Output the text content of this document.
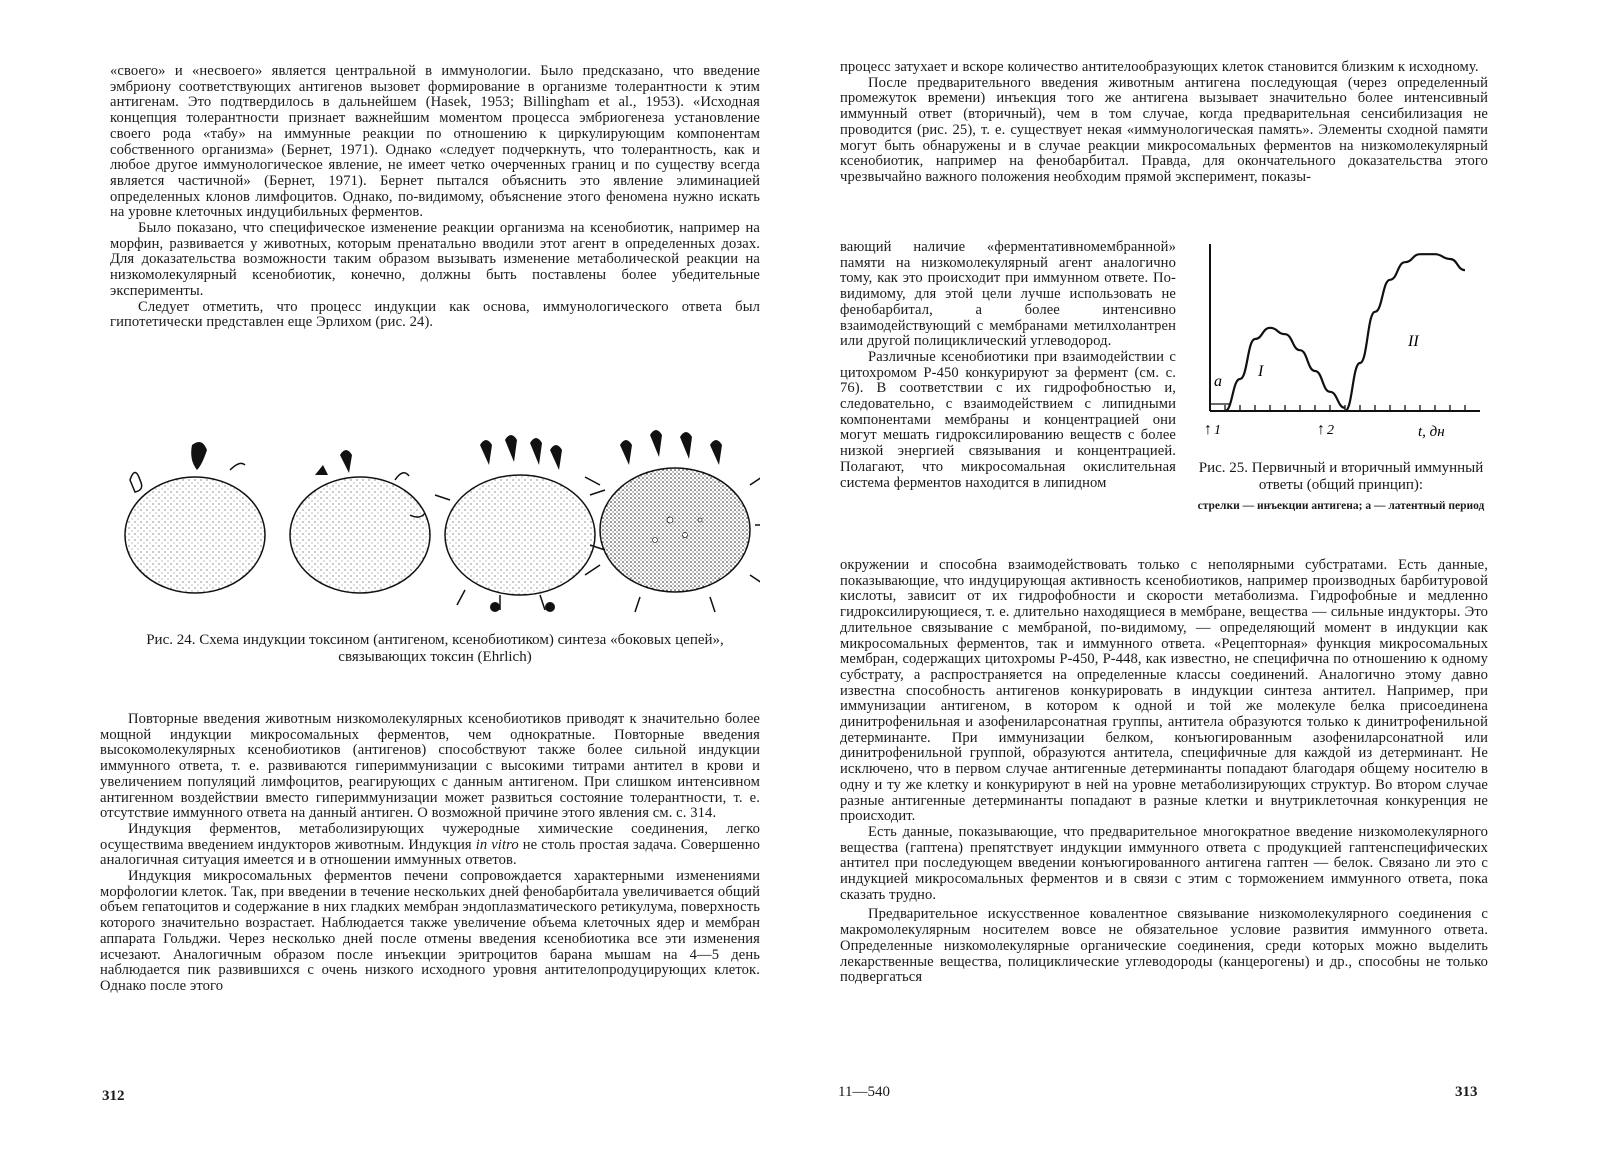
«своего» и «несвоего» является центральной в иммунологии. Было предсказано, что введение эмбриону соответствующих антигенов вызовет формирование в организме толерантности к этим антигенам. Это подтвердилось в дальнейшем (Hasek, 1953; Billingham et al., 1953). «Исходная концепция толерантности признает важнейшим моментом процесса эмбриогенеза установление своего рода «табу» на иммунные реакции по отношению к циркулирующим компонентам собственного организма» (Бернет, 1971). Однако «следует подчеркнуть, что толерантность, как и любое другое иммунологическое явление, не имеет четко очерченных границ и по существу всегда является частичной» (Бернет, 1971). Бернет пытался объяснить это явление элиминацией определенных клонов лимфоцитов. Однако, по-видимому, объяснение этого феномена нужно искать на уровне клеточных индуцибильных ферментов.

Было показано, что специфическое изменение реакции организма на ксенобиотик, например на морфин, развивается у животных, которым пренатально вводили этот агент в определенных дозах. Для доказательства возможности таким образом вызывать изменение метаболической реакции на низкомолекулярный ксенобиотик, конечно, должны быть поставлены более убедительные эксперименты.

Следует отметить, что процесс индукции как основа, иммунологического ответа был гипотетически представлен еще Эрлихом (рис. 24).

Рис. 24. Схема индукции токсином (антигеном, ксенобиотиком) синтеза «боковых цепей», связывающих токсин (Ehrlich)

Повторные введения животным низкомолекулярных ксенобиотиков приводят к значительно более мощной индукции микросомальных ферментов, чем однократные. Повторные введения высокомолекулярных ксенобиотиков (антигенов) способствуют также более сильной индукции иммунного ответа, т. е. развиваются гипериммунизации с высокими титрами антител в крови и увеличением популяций лимфоцитов, реагирующих с данным антигеном. При слишком интенсивном антигенном воздействии вместо гипериммунизации может развиться состояние толерантности, т. е. отсутствие иммунного ответа на данный антиген. О возможной причине этого явления см. с. 314.

Индукция ферментов, метаболизирующих чужеродные химические соединения, легко осуществима введением индукторов животным. Индукция in vitro не столь простая задача. Совершенно аналогичная ситуация имеется и в отношении иммунных ответов.

Индукция микросомальных ферментов печени сопровождается характерными изменениями морфологии клеток. Так, при введении в течение нескольких дней фенобарбитала увеличивается общий объем гепатоцитов и содержание в них гладких мембран эндоплазматического ретикулума, поверхность которого значительно возрастает. Наблюдается также увеличение объема клеточных ядер и мембран аппарата Гольджи. Через несколько дней после отмены введения ксенобиотика все эти изменения исчезают. Аналогичным образом после инъекции эритроцитов барана мышам на 4—5 день наблюдается пик развившихся с очень низкого исходного уровня антителопродуцирующих клеток. Однако после этого

312

процесс затухает и вскоре количество антителообразующих клеток становится близким к исходному.

После предварительного введения животным антигена последующая (через определенный промежуток времени) инъекция того же антигена вызывает значительно более интенсивный иммунный ответ (вторичный), чем в том случае, когда предварительная сенсибилизация не проводится (рис. 25), т. е. существует некая «иммунологическая память». Элементы сходной памяти могут быть обнаружены и в случае реакции микросомальных ферментов на низкомолекулярный ксенобиотик, например на фенобарбитал. Правда, для окончательного доказательства этого чрезвычайно важного положения необходим прямой эксперимент, показы-

вающий наличие «ферментативномембранной» памяти на низкомолекулярный агент аналогично тому, как это происходит при иммунном ответе. По-видимому, для этой цели лучше использовать не фенобарбитал, а более интенсивно взаимодействующий с мембранами метилхолантрен или другой полициклический углеводород.

Различные ксенобиотики при взаимодействии с цитохромом Р-450 конкурируют за фермент (см. с. 76). В соответствии с их гидрофобностью и, следовательно, с взаимодействием с липидными компонентами мембраны и концентрацией они могут мешать гидроксилированию веществ с более низкой энергией связывания и концентрацией. Полагают, что микросомальная окислительная система ферментов находится в липидном

a
I
II
↑ 1	↑ 2	t, дн

Рис. 25. Первичный и вторичный иммунный ответы (общий принцип):

стрелки — инъекции антигена; а — латентный период

окружении и способна взаимодействовать только с неполярными субстратами. Есть данные, показывающие, что индуцирующая активность ксенобиотиков, например производных барбитуровой кислоты, зависит от их гидрофобности и скорости метаболизма. Гидрофобные и медленно гидроксилирующиеся, т. е. длительно находящиеся в мембране, вещества — сильные индукторы. Это длительное связывание с мембраной, по-видимому, — определяющий момент в индукции как микросомальных ферментов, так и иммунного ответа. «Рецепторная» функция микросомальных мембран, содержащих цитохромы Р-450, Р-448, как известно, не специфична по отношению к одному субстрату, а распространяется на определенные классы соединений. Аналогично этому давно известна способность антигенов конкурировать в индукции синтеза антител. Например, при иммунизации антигеном, в котором к одной и той же молекуле белка присоединена динитрофенильная и азофениларсонатная группы, антитела образуются только к динитрофенильной детерминанте. При иммунизации белком, конъюгированным азофениларсонатной или динитрофенильной группой, образуются антитела, специфичные для каждой из детерминант. Не исключено, что в первом случае антигенные детерминанты попадают благодаря общему носителю в одну и ту же клетку и конкурируют в ней на уровне метаболизирующих структур. Во втором случае разные антигенные детерминанты попадают в разные клетки и внутриклеточная конкуренция не происходит.

Есть данные, показывающие, что предварительное многократное введение низкомолекулярного вещества (гаптена) препятствует индукции иммунного ответа с продукцией гаптенспецифических антител при последующем введении конъюгированного антигена гаптен — белок. Связано ли это с индукцией микросомальных ферментов и в связи с этим с торможением иммунного ответа, пока сказать трудно.

Предварительное искусственное ковалентное связывание низкомолекулярного соединения с макромолекулярным носителем вовсе не обязательное условие развития иммунного ответа. Определенные низкомолекулярные органические соединения, среди которых можно выделить лекарственные вещества, полициклические углеводороды (канцерогены) и др., способны не только подвергаться

11—540	313
